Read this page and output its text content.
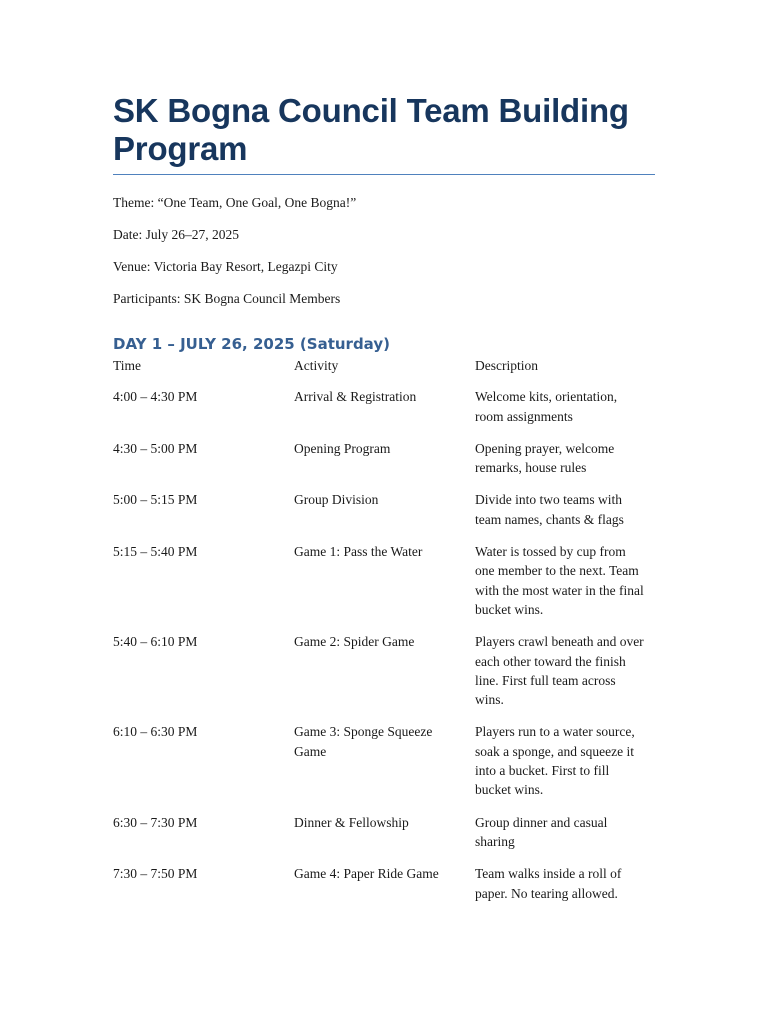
SK Bogna Council Team Building Program

Theme: “One Team, One Goal, One Bogna!”

Date: July 26–27, 2025

Venue: Victoria Bay Resort, Legazpi City

Participants: SK Bogna Council Members

DAY 1 – JULY 26, 2025 (Saturday)
Time	Activity	Description
4:00 – 4:30 PM	Arrival & Registration	Welcome kits, orientation, room assignments
4:30 – 5:00 PM	Opening Program	Opening prayer, welcome remarks, house rules
5:00 – 5:15 PM	Group Division	Divide into two teams with team names, chants & flags
5:15 – 5:40 PM	Game 1: Pass the Water	Water is tossed by cup from one member to the next. Team with the most water in the final bucket wins.
5:40 – 6:10 PM	Game 2: Spider Game	Players crawl beneath and over each other toward the finish line. First full team across wins.
6:10 – 6:30 PM	Game 3: Sponge Squeeze Game	Players run to a water source, soak a sponge, and squeeze it into a bucket. First to fill bucket wins.
6:30 – 7:30 PM	Dinner & Fellowship	Group dinner and casual sharing
7:30 – 7:50 PM	Game 4: Paper Ride Game	Team walks inside a roll of paper. No tearing allowed.
